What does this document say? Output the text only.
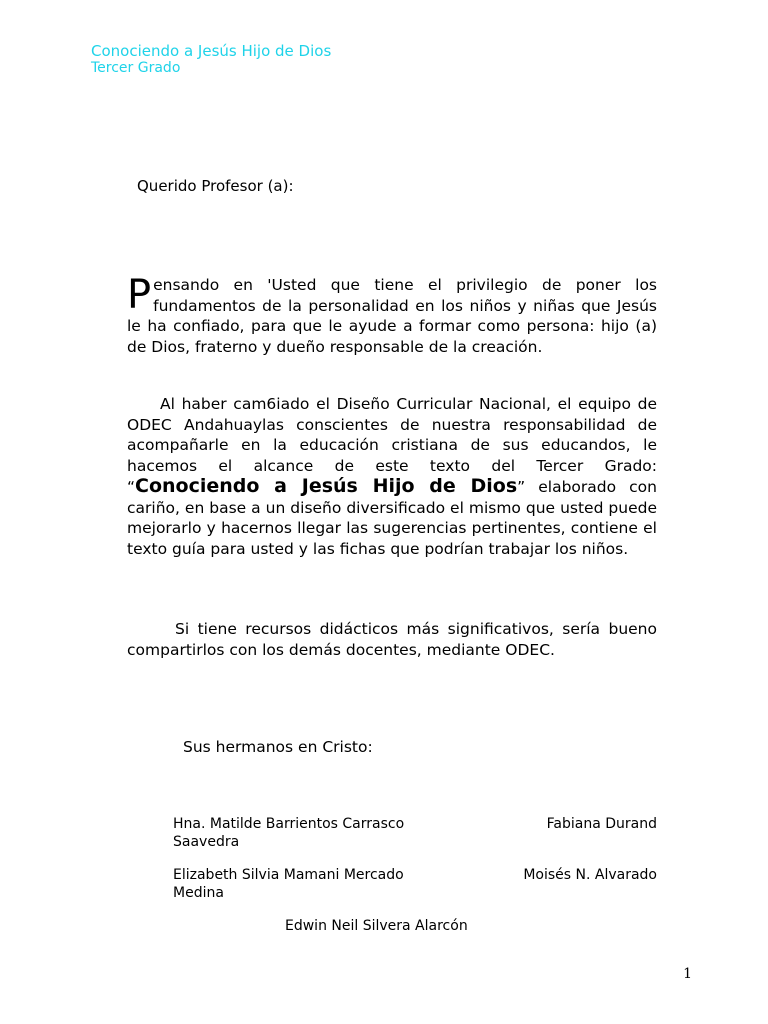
Conociendo a Jesús Hijo de Dios
Tercer Grado
Querido Profesor (a):
P ensando en 'Usted que tiene el privilegio de poner los fundamentos de la personalidad en los niños y niñas que Jesús le ha confiado, para que le ayude a formar como persona: hijo (a) de Dios, fraterno y dueño responsable de la creación.
Al haber cam6iado el Diseño Curricular Nacional, el equipo de ODEC Andahuaylas conscientes de nuestra responsabilidad de acompañarle en la educación cristiana de sus educandos, le hacemos el alcance de este texto del Tercer Grado: “Conociendo a Jesús Hijo de Dios” elaborado con cariño, en base a un diseño diversificado el mismo que usted puede mejorarlo y hacernos llegar las sugerencias pertinentes, contiene el texto guía para usted y las fichas que podrían trabajar los niños.
Si tiene recursos didácticos más significativos, sería bueno compartirlos con los demás docentes, mediante ODEC.
Sus hermanos en Cristo:
Hna. Matilde Barrientos Carrasco	Fabiana Durand
Saavedra
Elizabeth Silvia Mamani Mercado	Moisés N. Alvarado
Medina
Edwin Neil Silvera Alarcón
1
